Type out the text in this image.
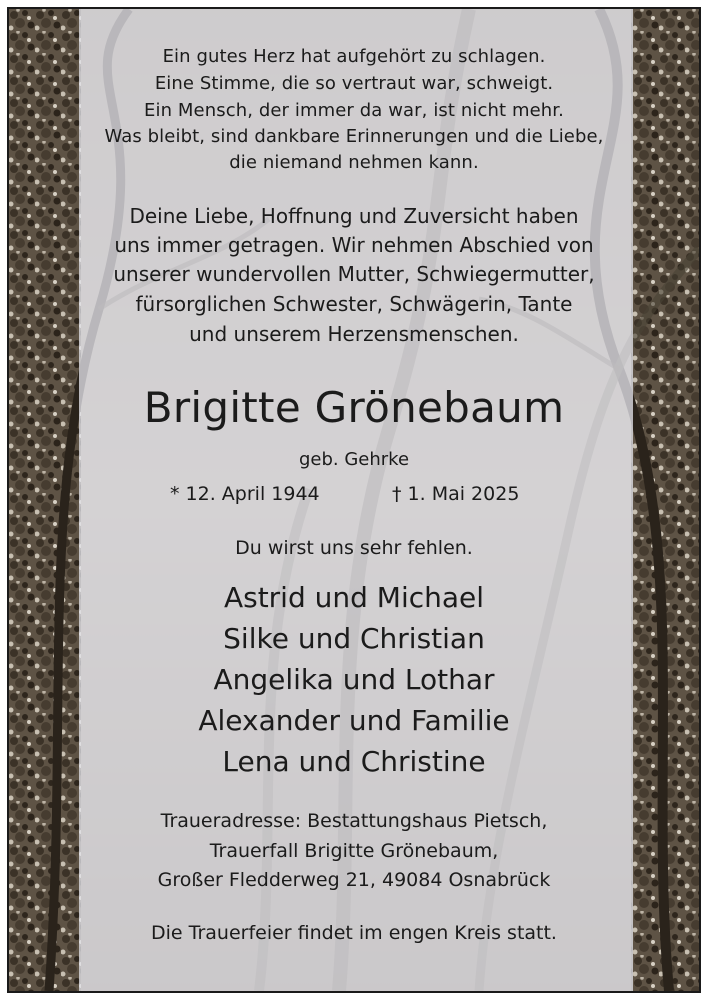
Ein gutes Herz hat aufgehört zu schlagen.
Eine Stimme, die so vertraut war, schweigt.
Ein Mensch, der immer da war, ist nicht mehr.
Was bleibt, sind dankbare Erinnerungen und die Liebe,
die niemand nehmen kann.
Deine Liebe, Hoffnung und Zuversicht haben
uns immer getragen. Wir nehmen Abschied von
unserer wundervollen Mutter, Schwiegermutter,
fürsorglichen Schwester, Schwägerin, Tante
und unserem Herzensmenschen.
Brigitte Grönebaum
geb. Gehrke
* 12. April 1944	† 1. Mai 2025
Du wirst uns sehr fehlen.
Astrid und Michael
Silke und Christian
Angelika und Lothar
Alexander und Familie
Lena und Christine
Traueradresse: Bestattungshaus Pietsch,
Trauerfall Brigitte Grönebaum,
Großer Fledderweg 21, 49084 Osnabrück
Die Trauerfeier findet im engen Kreis statt.
